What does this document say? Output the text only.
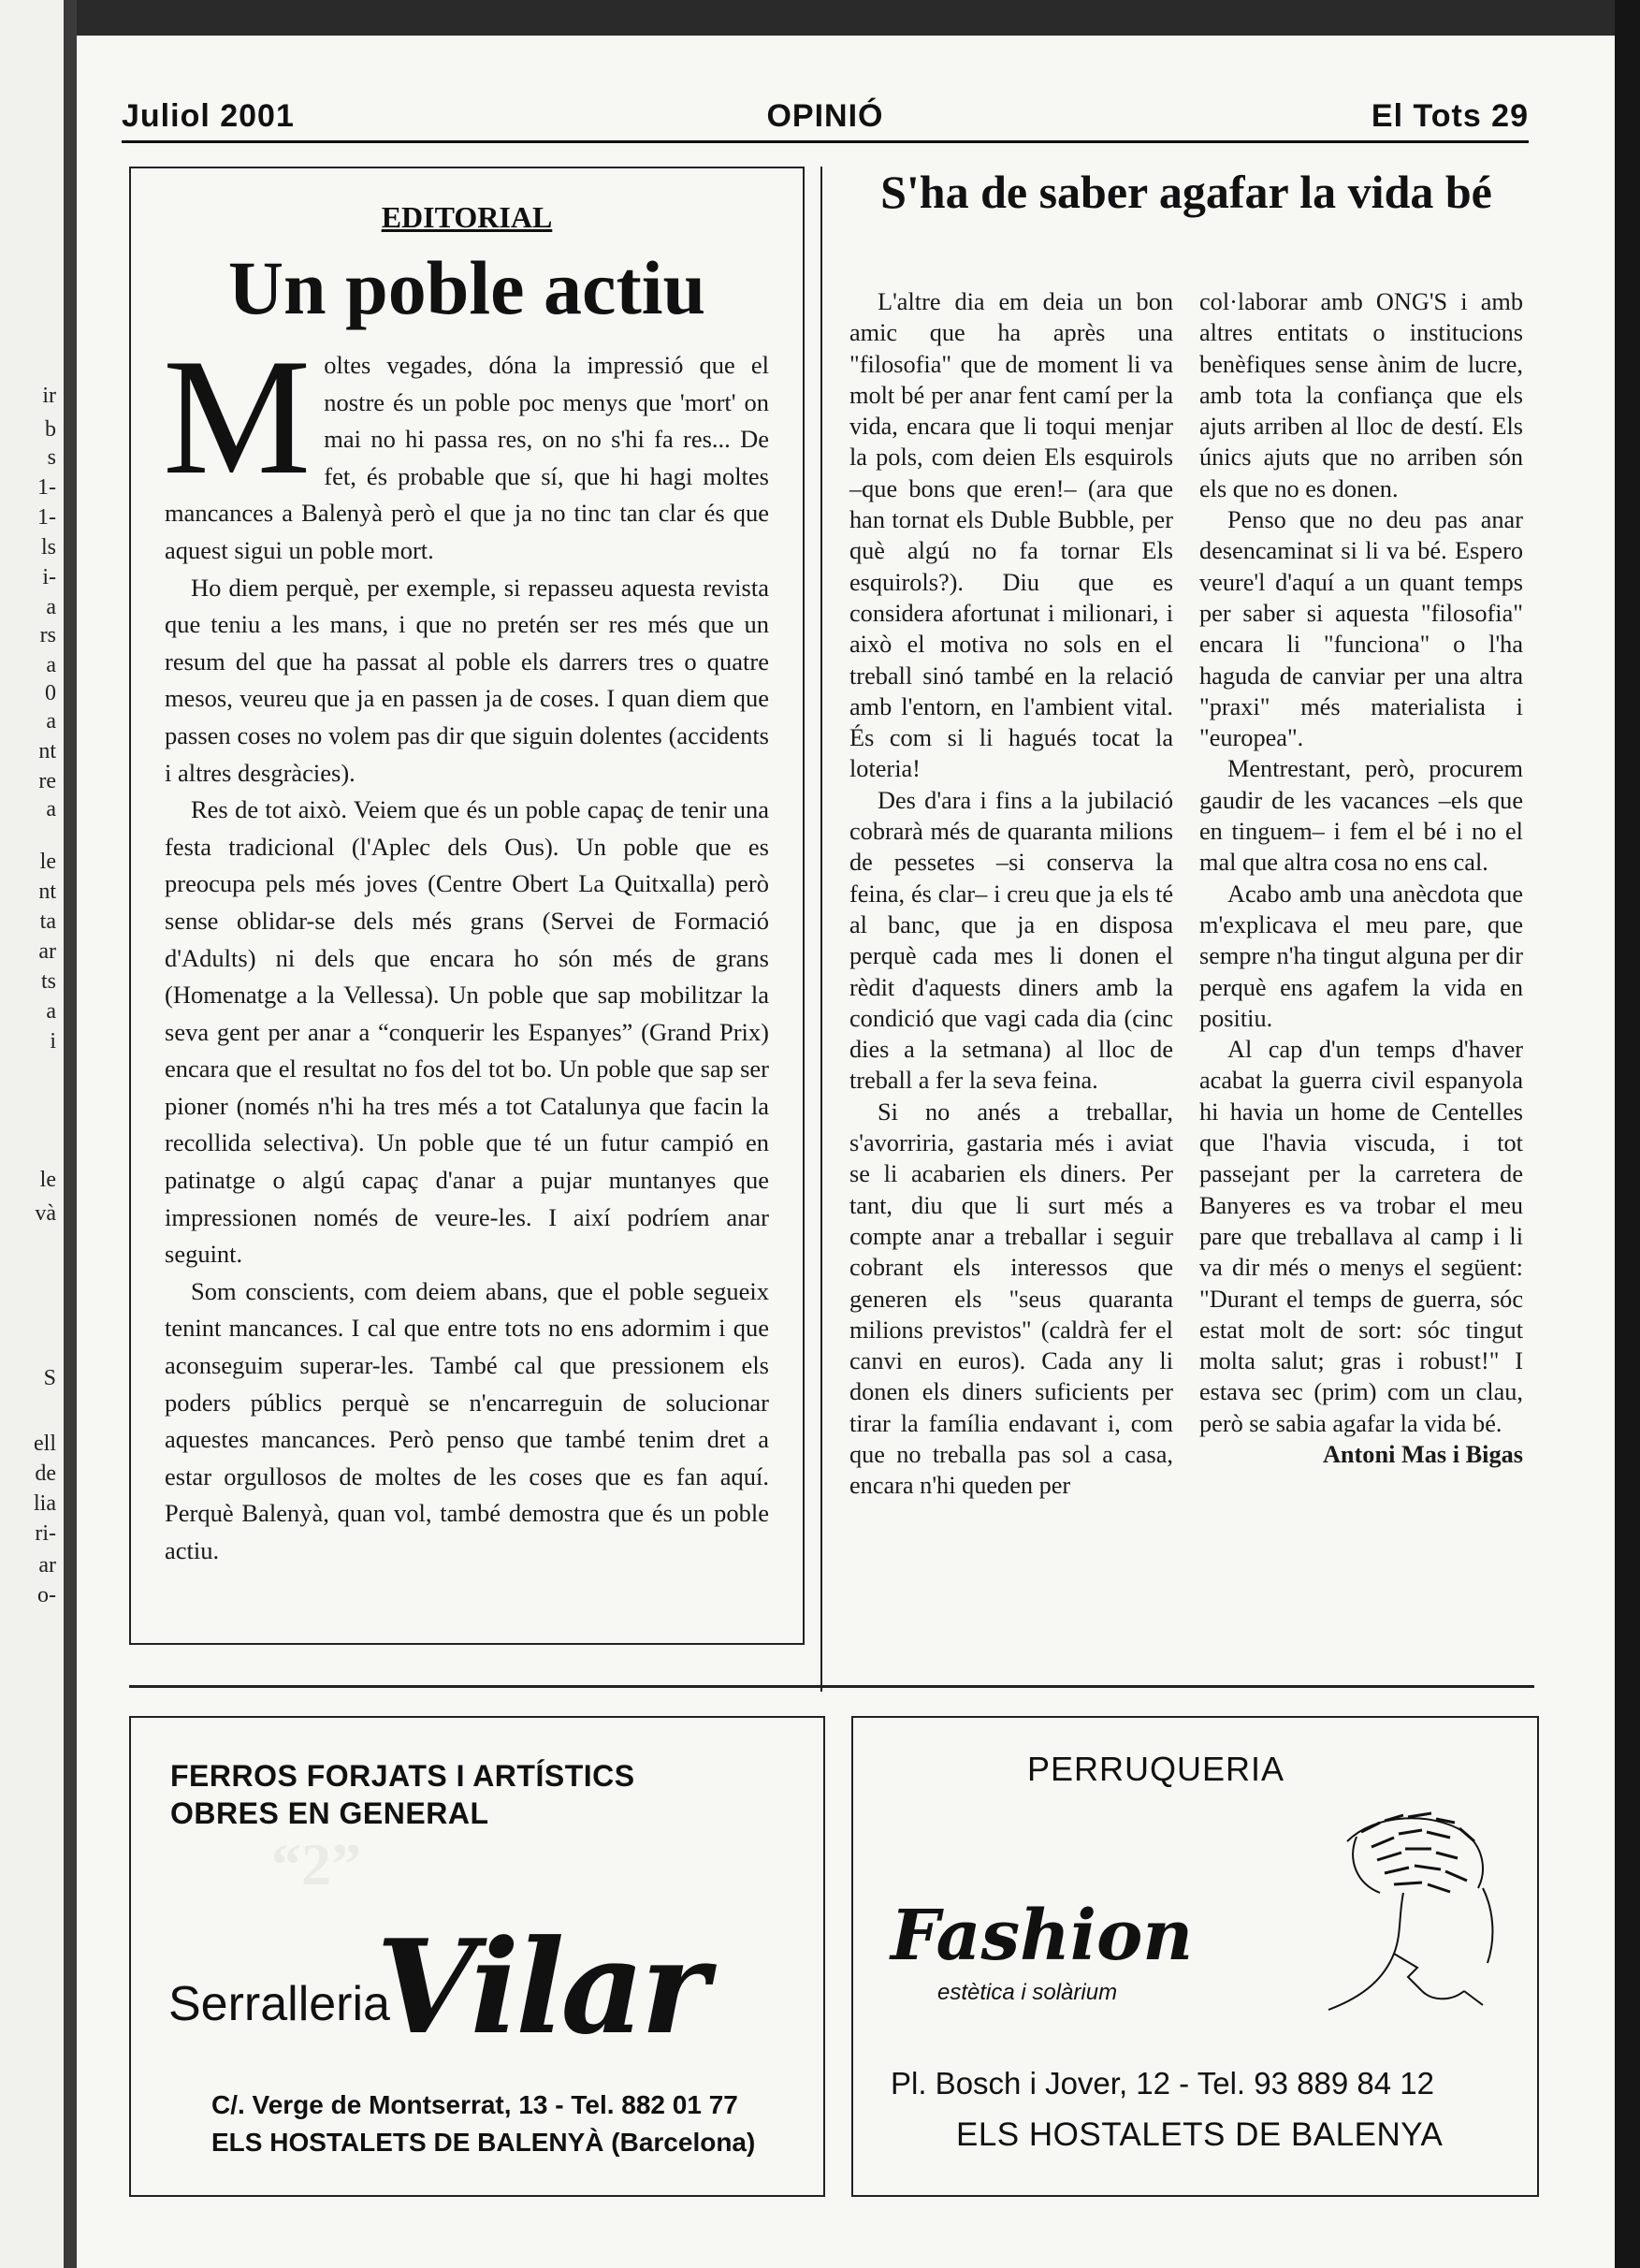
ir
b
s
1-
1-
ls
i-
a
rs
a
0
a
nt
re
a
le
nt
ta
ar
ts
a
i
le
và
S
ell
de
lia
ri-
ar
o-
Juliol 2001	OPINIÓ	El Tots 29
EDITORIAL
Un poble actiu

Moltes vegades, dóna la impressió que el nostre és un poble poc menys que 'mort' on mai no hi passa res, on no s'hi fa res... De fet, és probable que sí, que hi hagi moltes mancances a Balenyà però el que ja no tinc tan clar és que aquest sigui un poble mort.

Ho diem perquè, per exemple, si repasseu aquesta revista que teniu a les mans, i que no pretén ser res més que un resum del que ha passat al poble els darrers tres o quatre mesos, veureu que ja en passen ja de coses. I quan diem que passen coses no volem pas dir que siguin dolentes (accidents i altres desgràcies).

Res de tot això. Veiem que és un poble capaç de tenir una festa tradicional (l'Aplec dels Ous). Un poble que es preocupa pels més joves (Centre Obert La Quitxalla) però sense oblidar-se dels més grans (Servei de Formació d'Adults) ni dels que encara ho són més de grans (Homenatge a la Vellessa). Un poble que sap mobilitzar la seva gent per anar a “conquerir les Espanyes” (Grand Prix) encara que el resultat no fos del tot bo. Un poble que sap ser pioner (només n'hi ha tres més a tot Catalunya que facin la recollida selectiva). Un poble que té un futur campió en patinatge o algú capaç d'anar a pujar muntanyes que impressionen només de veure-les. I així podríem anar seguint.

Som conscients, com deiem abans, que el poble segueix tenint mancances. I cal que entre tots no ens adormim i que aconseguim superar-les. També cal que pressionem els poders públics perquè se n'encarreguin de solucionar aquestes mancances. Però penso que també tenim dret a estar orgullosos de moltes de les coses que es fan aquí. Perquè Balenyà, quan vol, també demostra que és un poble actiu.

S'ha de saber agafar la vida bé

L'altre dia em deia un bon amic que ha après una "filosofia" que de moment li va molt bé per anar fent camí per la vida, encara que li toqui menjar la pols, com deien Els esquirols –que bons que eren!– (ara que han tornat els Duble Bubble, per què algú no fa tornar Els esquirols?). Diu que es considera afortunat i milionari, i això el motiva no sols en el treball sinó també en la relació amb l'entorn, en l'ambient vital. És com si li hagués tocat la loteria!

Des d'ara i fins a la jubilació cobrarà més de quaranta milions de pessetes –si conserva la feina, és clar– i creu que ja els té al banc, que ja en disposa perquè cada mes li donen el rèdit d'aquests diners amb la condició que vagi cada dia (cinc dies a la setmana) al lloc de treball a fer la seva feina.

Si no anés a treballar, s'avorriria, gastaria més i aviat se li acabarien els diners. Per tant, diu que li surt més a compte anar a treballar i seguir cobrant els interessos que generen els "seus quaranta milions previstos" (caldrà fer el canvi en euros). Cada any li donen els diners suficients per tirar la família endavant i, com que no treballa pas sol a casa, encara n'hi queden per

col·laborar amb ONG'S i amb altres entitats o institucions benèfiques sense ànim de lucre, amb tota la confiança que els ajuts arriben al lloc de destí. Els únics ajuts que no arriben són els que no es donen.

Penso que no deu pas anar desencaminat si li va bé. Espero veure'l d'aquí a un quant temps per saber si aquesta "filosofia" encara li "funciona" o l'ha haguda de canviar per una altra "praxi" més materialista i "europea".

Mentrestant, però, procurem gaudir de les vacances –els que en tinguem– i fem el bé i no el mal que altra cosa no ens cal.

Acabo amb una anècdota que m'explicava el meu pare, que sempre n'ha tingut alguna per dir perquè ens agafem la vida en positiu.

Al cap d'un temps d'haver acabat la guerra civil espanyola hi havia un home de Centelles que l'havia viscuda, i tot passejant per la carretera de Banyeres es va trobar el meu pare que treballava al camp i li va dir més o menys el següent: "Durant el temps de guerra, sóc estat molt de sort: sóc tingut molta salut; gras i robust!" I estava sec (prim) com un clau, però se sabia agafar la vida bé.

Antoni Mas i Bigas

“2”
FERROS FORJATS I ARTÍSTICS
OBRES EN GENERAL
Serralleria
Vilar
C/. Verge de Montserrat, 13 - Tel. 882 01 77
ELS HOSTALETS DE BALENYÀ (Barcelona)
PERRUQUERIA
Fashion
estètica i solàrium
Pl. Bosch i Jover, 12 - Tel. 93 889 84 12
ELS HOSTALETS DE BALENYA
